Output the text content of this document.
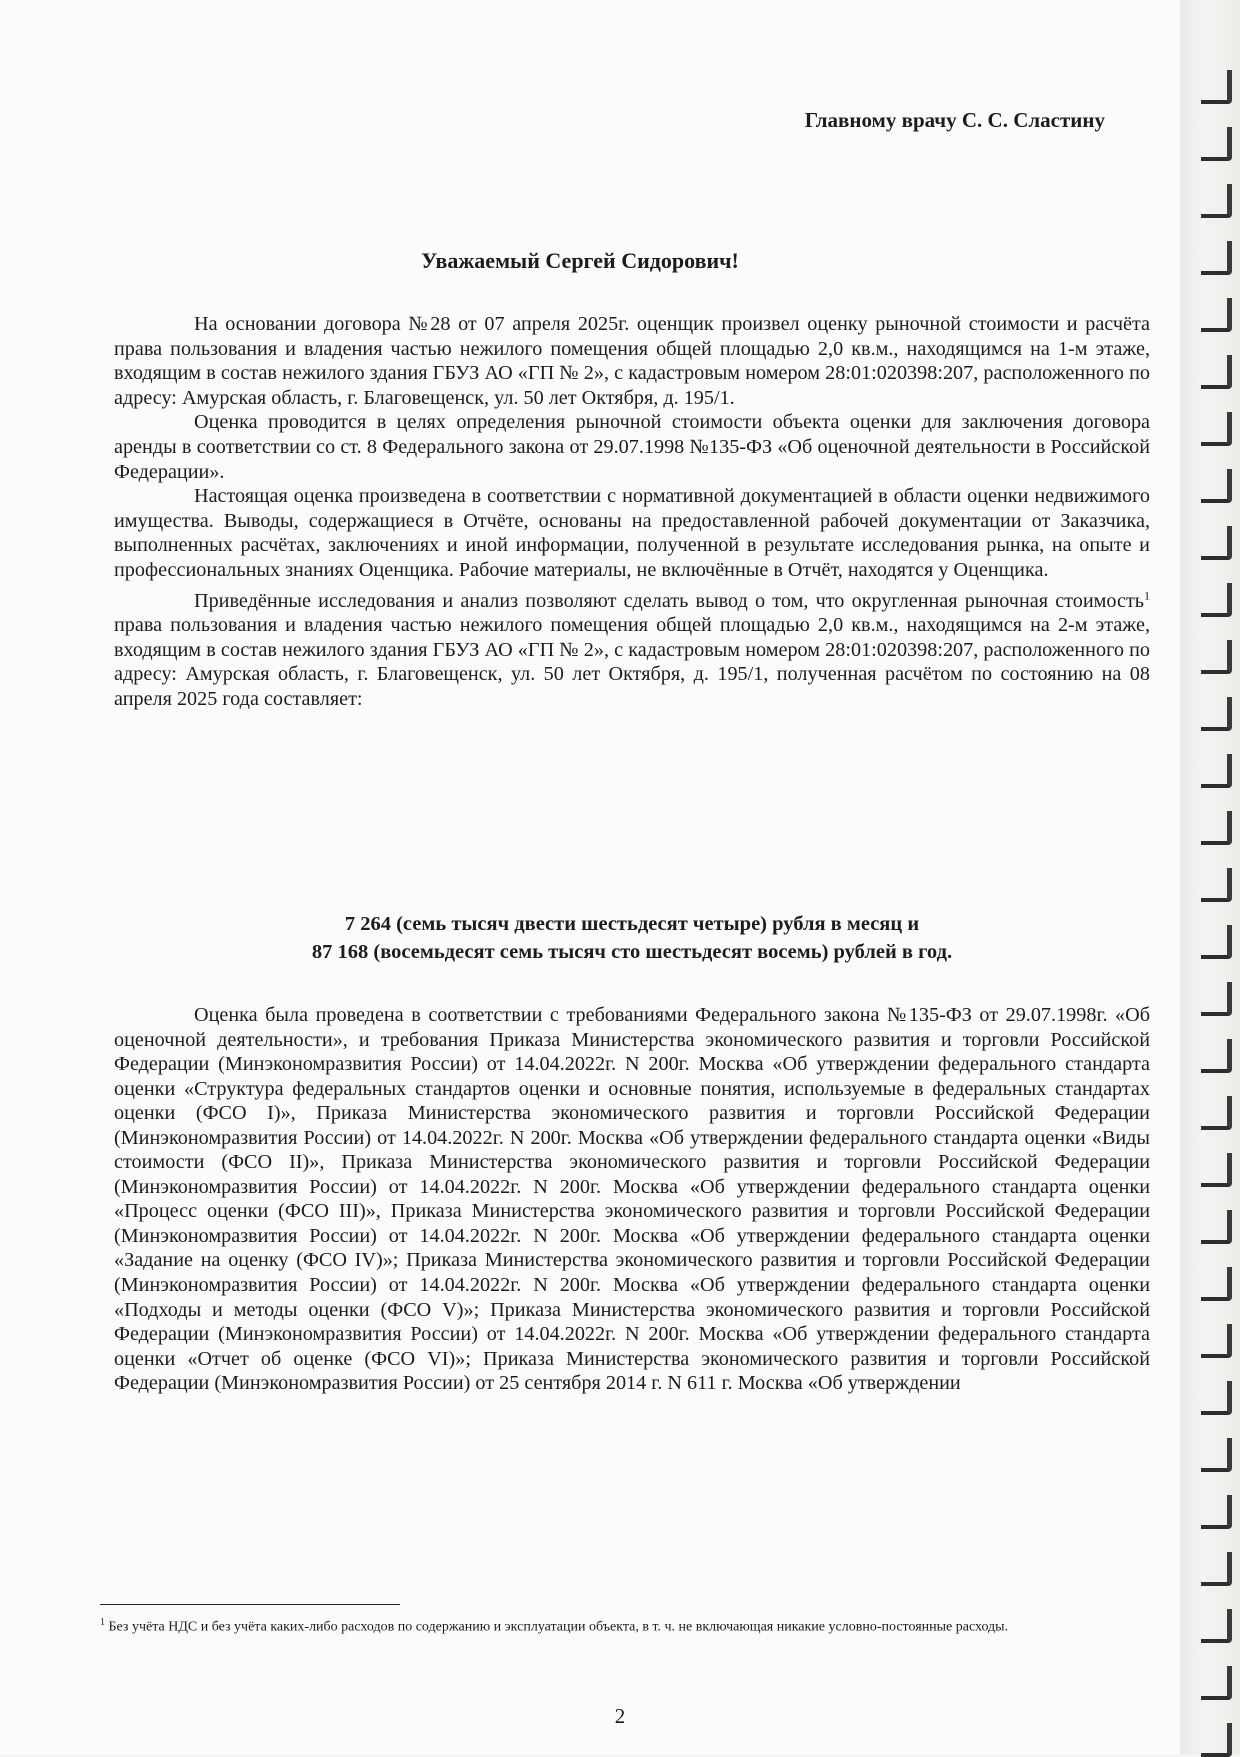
Главному врачу С. С. Сластину
Уважаемый Сергей Сидорович!

На основании договора №28 от 07 апреля 2025г. оценщик произвел оценку рыночной стоимости и расчёта права пользования и владения частью нежилого помещения общей площадью 2,0 кв.м., находящимся на 1-м этаже, входящим в состав нежилого здания ГБУЗ АО «ГП № 2», с кадастровым номером 28:01:020398:207, расположенного по адресу: Амурская область, г. Благовещенск, ул. 50 лет Октября, д. 195/1.

Оценка проводится в целях определения рыночной стоимости объекта оценки для заключения договора аренды в соответствии со ст. 8 Федерального закона от 29.07.1998 №135-ФЗ «Об оценочной деятельности в Российской Федерации».

Настоящая оценка произведена в соответствии с нормативной документацией в области оценки недвижимого имущества. Выводы, содержащиеся в Отчёте, основаны на предоставленной рабочей документации от Заказчика, выполненных расчётах, заключениях и иной информации, полученной в результате исследования рынка, на опыте и профессиональных знаниях Оценщика. Рабочие материалы, не включённые в Отчёт, находятся у Оценщика.

Приведённые исследования и анализ позволяют сделать вывод о том, что округленная рыночная стоимость$^1$ права пользования и владения частью нежилого помещения общей площадью 2,0 кв.м., находящимся на 2-м этаже, входящим в состав нежилого здания ГБУЗ АО «ГП № 2», с кадастровым номером 28:01:020398:207, расположенного по адресу: Амурская область, г. Благовещенск, ул. 50 лет Октября, д. 195/1, полученная расчётом по состоянию на 08 апреля 2025 года составляет:

7 264 (семь тысяч двести шестьдесят четыре) рубля в месяц и
87 168 (восемьдесят семь тысяч сто шестьдесят восемь) рублей в год.

Оценка была проведена в соответствии с требованиями Федерального закона №135-ФЗ от 29.07.1998г. «Об оценочной деятельности», и требования Приказа Министерства экономического развития и торговли Российской Федерации (Минэкономразвития России) от 14.04.2022г. N 200г. Москва «Об утверждении федерального стандарта оценки «Структура федеральных стандартов оценки и основные понятия, используемые в федеральных стандартах оценки (ФСО I)», Приказа Министерства экономического развития и торговли Российской Федерации (Минэкономразвития России) от 14.04.2022г. N 200г. Москва «Об утверждении федерального стандарта оценки «Виды стоимости (ФСО II)», Приказа Министерства экономического развития и торговли Российской Федерации (Минэкономразвития России) от 14.04.2022г. N 200г. Москва «Об утверждении федерального стандарта оценки «Процесс оценки (ФСО III)», Приказа Министерства экономического развития и торговли Российской Федерации (Минэкономразвития России) от 14.04.2022г. N 200г. Москва «Об утверждении федерального стандарта оценки «Задание на оценку (ФСО IV)»; Приказа Министерства экономического развития и торговли Российской Федерации (Минэкономразвития России) от 14.04.2022г. N 200г. Москва «Об утверждении федерального стандарта оценки «Подходы и методы оценки (ФСО V)»; Приказа Министерства экономического развития и торговли Российской Федерации (Минэкономразвития России) от 14.04.2022г. N 200г. Москва «Об утверждении федерального стандарта оценки «Отчет об оценке (ФСО VI)»; Приказа Министерства экономического развития и торговли Российской Федерации (Минэкономразвития России) от 25 сентября 2014 г. N 611 г. Москва «Об утверждении

$^1$ Без учёта НДС и без учёта каких-либо расходов по содержанию и эксплуатации объекта, в т. ч. не включающая никакие условно-постоянные расходы.
2
